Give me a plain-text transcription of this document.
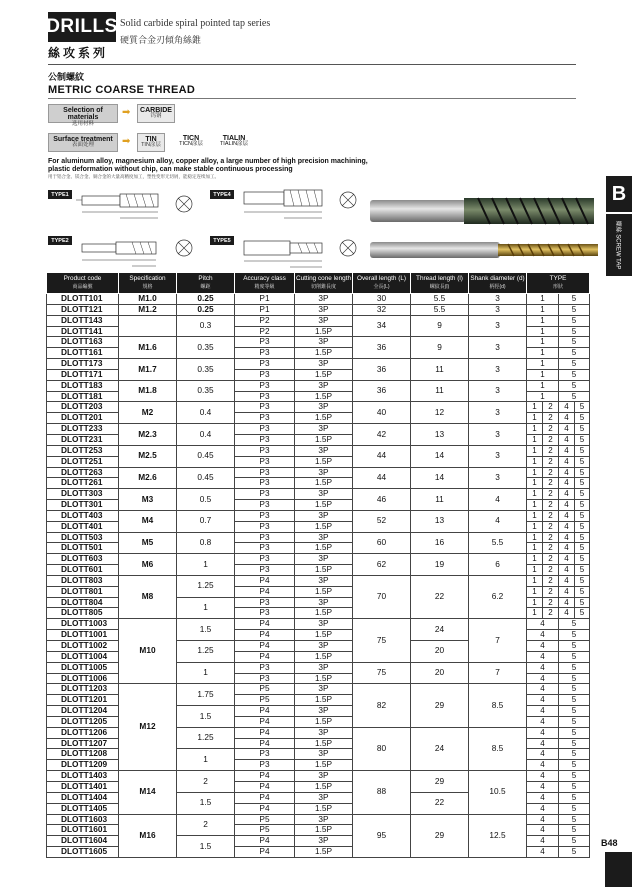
DRILLS
絲攻系列
Solid carbide spiral pointed tap series
硬質合金刃傾角絲錐
公制螺紋
METRIC COARSE THREAD
Selection of materials
选用材料
➡ CARBIDE
钨钢
Surface treatment
表面处理	➡	TIN
TIN涂层
TICN
TICN涂层
TIALIN
TIALIN涂层
For aluminum alloy, magnesium alloy, copper alloy, a large number of high precision machining,
plastic deformation without chip, can make stable continuous processing
用于铝合金、镁合金、铜合金的大量高精度加工，塑性变形无切屑，能稳定连续加工。
TYPE1	TYPE4
TYPE2	TYPE5
B
螺絲 SCREW TAP
Product code
商品編號	Specification
規格	Pitch
螺距	Accuracy class
精度等級	Cutting cone length
切削錐長度	Overall length (L)
全長(L)	Thread length (l)
螺紋長(l)	Shank diameter (d)
柄徑(d)	TYPE
形狀			

DLOTT101	M1.0	0.25	P1	3P	30	5.5	3	1		5	
DLOTT121	M1.2	0.25	P1	3P	32	5.5	3	1		5	
DLOTT143		0.3	P2	3P	34	9	3	1		5	
DLOTT141			P2	1.5P				1		5	
DLOTT163	M1.6	0.35	P3	3P	36	9	3	1		5	
DLOTT161			P3	1.5P				1		5	
DLOTT173	M1.7	0.35	P3	3P	36	11	3	1		5	
DLOTT171			P3	1.5P				1		5	
DLOTT183	M1.8	0.35	P3	3P	36	11	3	1		5	
DLOTT181			P3	1.5P				1		5	
DLOTT203	M2	0.4	P3	3P	40	12	3	1	2	4	5
DLOTT201			P3	1.5P				1	2	4	5
DLOTT233	M2.3	0.4	P3	3P	42	13	3	1	2	4	5
DLOTT231			P3	1.5P				1	2	4	5
DLOTT253	M2.5	0.45	P3	3P	44	14	3	1	2	4	5
DLOTT251			P3	1.5P				1	2	4	5
DLOTT263	M2.6	0.45	P3	3P	44	14	3	1	2	4	5
DLOTT261			P3	1.5P				1	2	4	5
DLOTT303	M3	0.5	P3	3P	46	11	4	1	2	4	5
DLOTT301			P3	1.5P				1	2	4	5
DLOTT403	M4	0.7	P3	3P	52	13	4	1	2	4	5
DLOTT401			P3	1.5P				1	2	4	5
DLOTT503	M5	0.8	P3	3P	60	16	5.5	1	2	4	5
DLOTT501			P3	1.5P				1	2	4	5
DLOTT603	M6	1	P3	3P	62	19	6	1	2	4	5
DLOTT601			P3	1.5P				1	2	4	5
DLOTT803	M8	1.25	P4	3P	70	22	6.2	1	2	4	5
DLOTT801			P4	1.5P				1	2	4	5
DLOTT804		1	P3	3P				1	2	4	5
DLOTT805			P3	1.5P				1	2	4	5
DLOTT1003	M10	1.5	P4	3P	75	24	7	4		5	
DLOTT1001			P4	1.5P				4		5	
DLOTT1002		1.25	P4	3P		20		4		5	
DLOTT1004			P4	1.5P				4		5	
DLOTT1005		1	P3	3P	75	20	7	4		5	
DLOTT1006			P3	1.5P				4		5	
DLOTT1203	M12	1.75	P5	3P	82	29	8.5	4		5	
DLOTT1201			P5	1.5P				4		5	
DLOTT1204		1.5	P4	3P				4		5	
DLOTT1205			P4	1.5P				4		5	
DLOTT1206		1.25	P4	3P	80	24	8.5	4		5	
DLOTT1207			P4	1.5P				4		5	
DLOTT1208		1	P3	3P				4		5	
DLOTT1209			P3	1.5P				4		5	
DLOTT1403	M14	2	P4	3P	88	29	10.5	4		5	
DLOTT1401			P4	1.5P				4		5	
DLOTT1404		1.5	P4	3P		22		4		5	
DLOTT1405			P4	1.5P				4		5	
DLOTT1603	M16	2	P5	3P	95	29	12.5	4		5	
DLOTT1601			P5	1.5P				4		5	
DLOTT1604		1.5	P4	3P				4		5	
DLOTT1605			P4	1.5P				4		5	
B48
